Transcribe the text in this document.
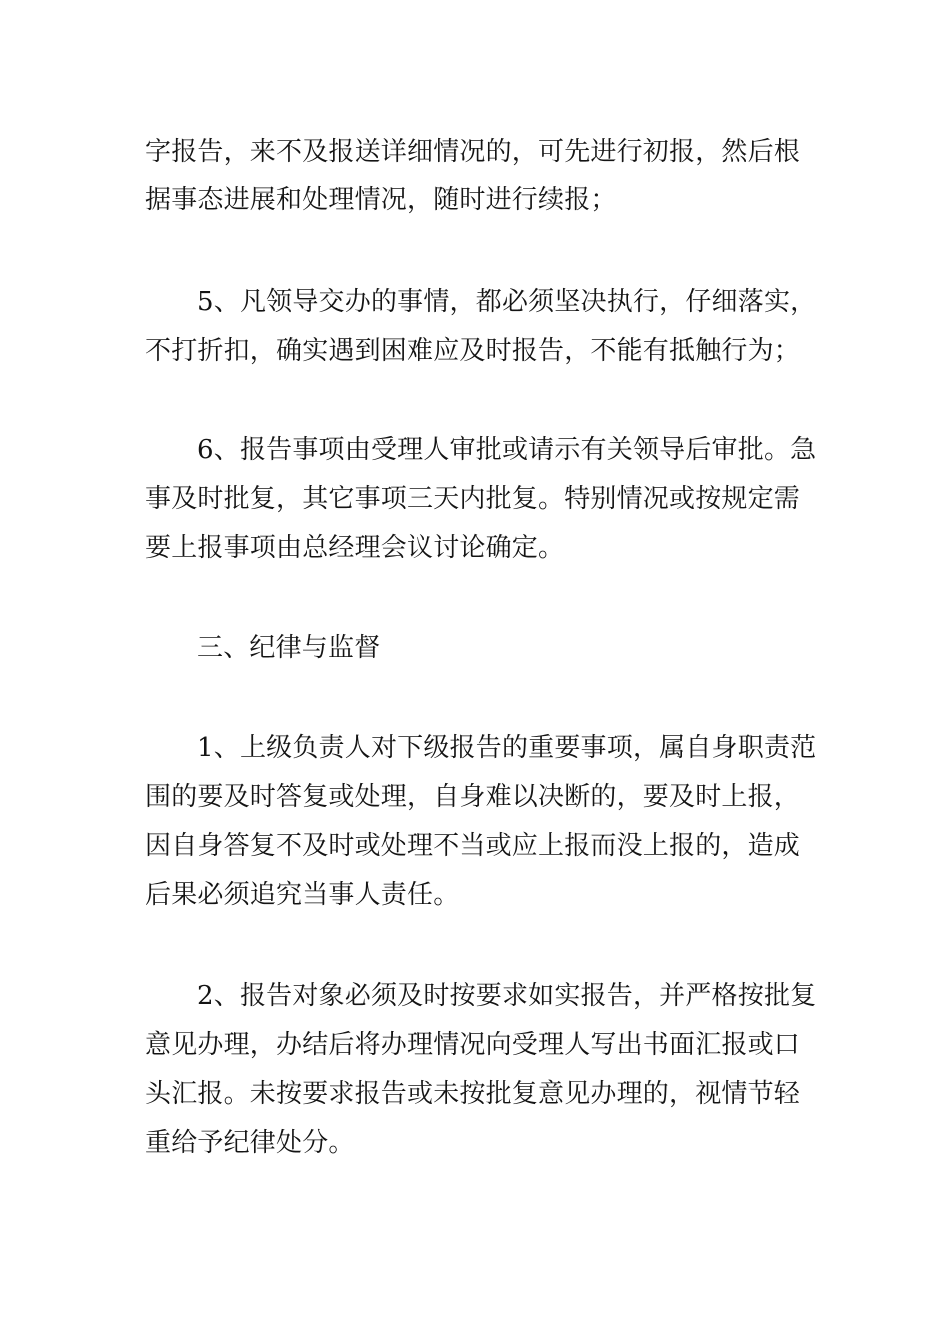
字报告，来不及报送详细情况的，可先进行初报，然后根
据事态进展和处理情况，随时进行续报；
5、凡领导交办的事情，都必须坚决执行，仔细落实，
不打折扣，确实遇到困难应及时报告，不能有抵触行为；
6、报告事项由受理人审批或请示有关领导后审批。急
事及时批复，其它事项三天内批复。特别情况或按规定需
要上报事项由总经理会议讨论确定。
三、纪律与监督
1、上级负责人对下级报告的重要事项，属自身职责范
围的要及时答复或处理，自身难以决断的，要及时上报，
因自身答复不及时或处理不当或应上报而没上报的，造成
后果必须追究当事人责任。
2、报告对象必须及时按要求如实报告，并严格按批复
意见办理，办结后将办理情况向受理人写出书面汇报或口
头汇报。未按要求报告或未按批复意见办理的，视情节轻
重给予纪律处分。
